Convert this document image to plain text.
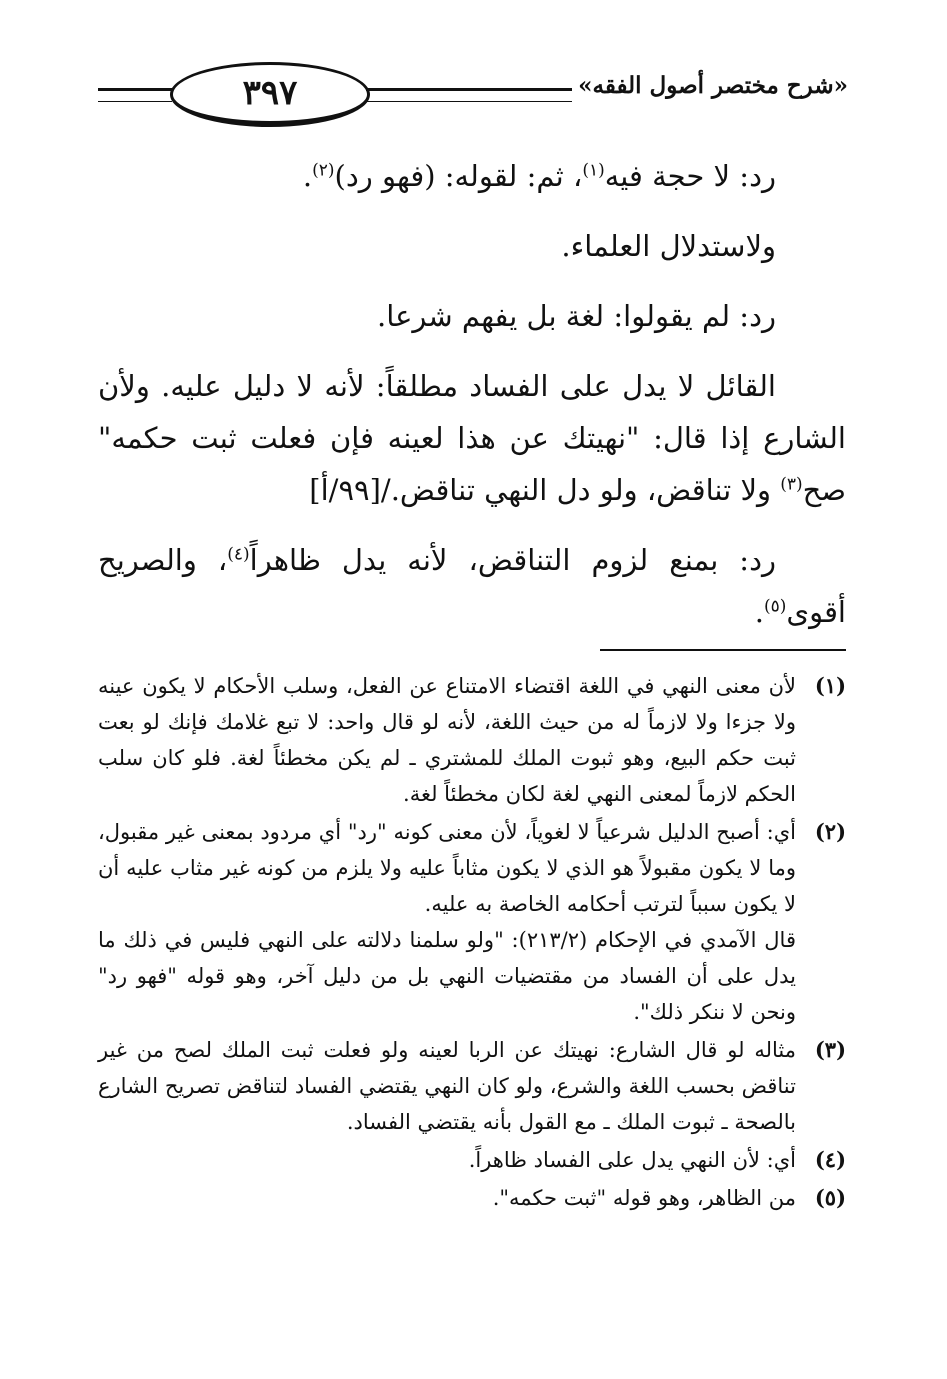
٣٩٧	«شرح مختصر أصول الفقه»

رد: لا حجة فيه$^{(١)}$، ثم: لقوله: (فهو رد)$^{(٢)}$.

ولاستدلال العلماء.

رد: لم يقولوا: لغة بل يفهم شرعا.

القائل لا يدل على الفساد مطلقاً: لأنه لا دليل عليه. ولأن الشارع إذا قال: "نهيتك عن هذا لعينه فإن فعلت ثبت حكمه" صح$^{(٣)}$ ولا تناقض، ولو دل النهي تناقض./[٩٩/أ]

رد: بمنع لزوم التناقض، لأنه يدل ظاهراً$^{(٤)}$، والصريح أقوى$^{(٥)}$.

(١)

لأن معنى النهي في اللغة اقتضاء الامتناع عن الفعل، وسلب الأحكام لا يكون عينه ولا جزءا ولا لازماً له من حيث اللغة، لأنه لو قال واحد: لا تبع غلامك فإنك لو بعت ثبت حكم البيع، وهو ثبوت الملك للمشتري ـ لم يكن مخطئاً لغة. فلو كان سلب الحكم لازماً لمعنى النهي لغة لكان مخطئاً لغة.

(٢)

أي: أصبح الدليل شرعياً لا لغوياً، لأن معنى كونه "رد" أي مردود بمعنى غير مقبول، وما لا يكون مقبولاً هو الذي لا يكون مثاباً عليه ولا يلزم من كونه غير مثاب عليه أن لا يكون سبباً لترتب أحكامه الخاصة به عليه.

قال الآمدي في الإحكام (٢١٣/٢): "ولو سلمنا دلالته على النهي فليس في ذلك ما يدل على أن الفساد من مقتضيات النهي بل من دليل آخر، وهو قوله "فهو رد" ونحن لا ننكر ذلك".

(٣)

مثاله لو قال الشارع: نهيتك عن الربا لعينه ولو فعلت ثبت الملك لصح من غير تناقض بحسب اللغة والشرع، ولو كان النهي يقتضي الفساد لتناقض تصريح الشارع بالصحة ـ ثبوت الملك ـ مع القول بأنه يقتضي الفساد.

(٤)

أي: لأن النهي يدل على الفساد ظاهراً.

(٥)

من الظاهر، وهو قوله "ثبت حكمه".
